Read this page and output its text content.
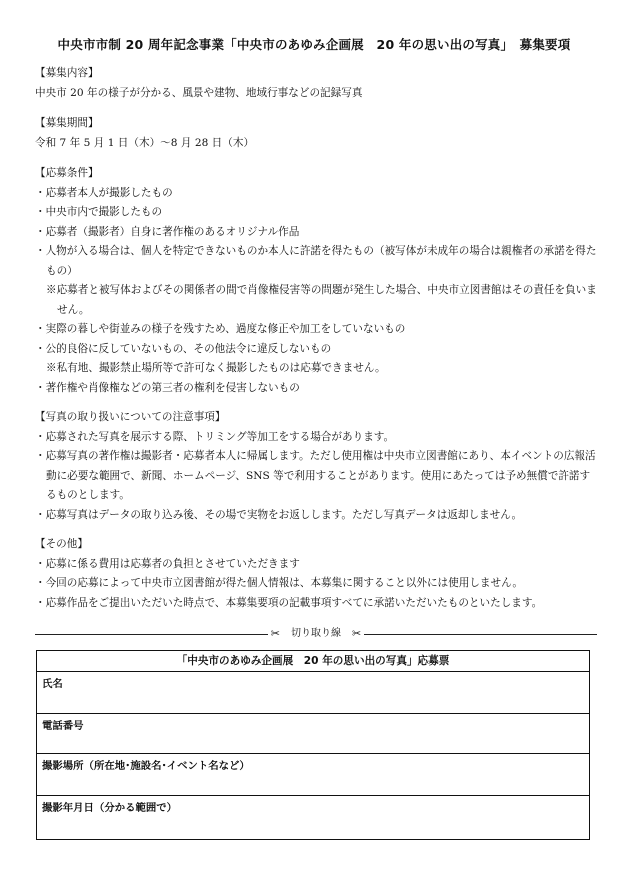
中央市市制 20 周年記念事業「中央市のあゆみ企画展　20 年の思い出の写真」　募集要項

【募集内容】

中央市 20 年の様子が分かる、風景や建物、地域行事などの記録写真

【募集期間】

令和 7 年 5 月 1 日（木）～8 月 28 日（木）

【応募条件】

・応募者本人が撮影したもの

・中央市内で撮影したもの

・応募者（撮影者）自身に著作権のあるオリジナル作品

・人物が入る場合は、個人を特定できないものか本人に許諾を得たもの（被写体が未成年の場合は親権者の承諾を得たもの）

※応募者と被写体およびその関係者の間で肖像権侵害等の問題が発生した場合、中央市立図書館はその責任を負いません。

・実際の暮しや街並みの様子を残すため、過度な修正や加工をしていないもの

・公的良俗に反していないもの、その他法令に違反しないもの

※私有地、撮影禁止場所等で許可なく撮影したものは応募できません。

・著作権や肖像権などの第三者の権利を侵害しないもの

【写真の取り扱いについての注意事項】

・応募された写真を展示する際、トリミング等加工をする場合があります。

・応募写真の著作権は撮影者・応募者本人に帰属します。ただし使用権は中央市立図書館にあり、本イベントの広報活動に必要な範囲で、新聞、ホームページ、SNS 等で利用することがあります。使用にあたっては予め無償で許諾するものとします。

・応募写真はデータの取り込み後、その場で実物をお返しします。ただし写真データは返却しません。

【その他】

・応募に係る費用は応募者の負担とさせていただきます

・今回の応募によって中央市立図書館が得た個人情報は、本募集に関すること以外には使用しません。

・応募作品をご提出いただいた時点で、本募集要項の記載事項すべてに承諾いただいたものといたします。

✂ 切り取り線 ✂
「中央市のあゆみ企画展　20 年の思い出の写真」応募票
氏名
電話番号
撮影場所（所在地･施設名･イベント名など）
撮影年月日（分かる範囲で）
